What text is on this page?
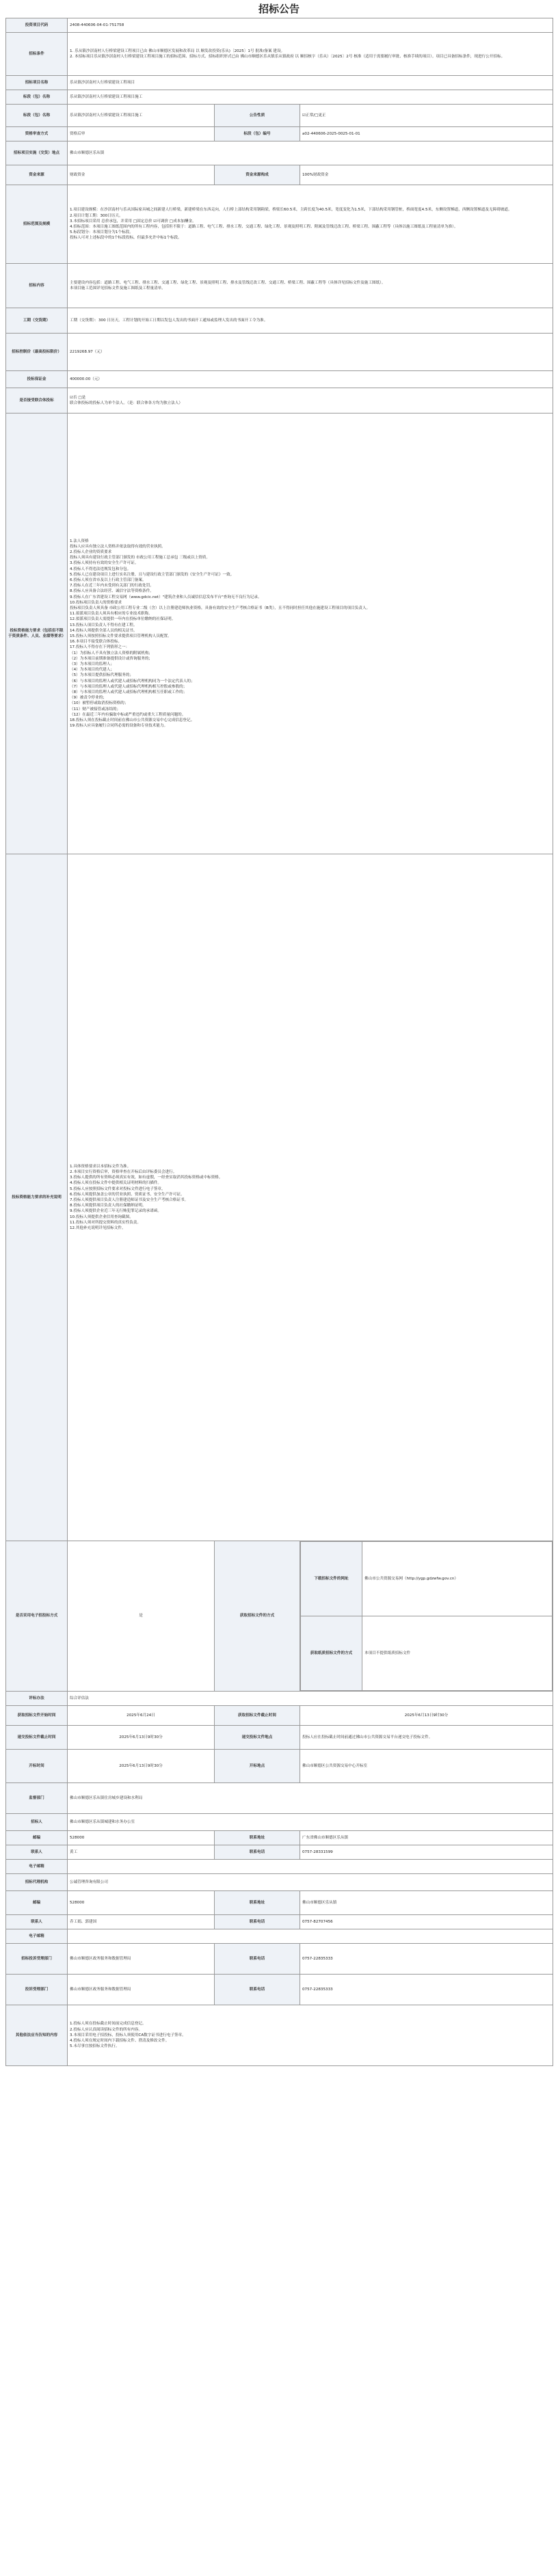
招标公告
投资项目代码	2408-440606-04-01-751758
招标条件	
1. 乐从镇沙滘南村人行桥梁建设工程项目已由 佛山市顺德区发展和改革局 以 顺发改投资(乐从)〔2025〕1号 批准/备案 建设。
2. 本招标项目乐从镇沙滘南村人行桥梁建设工程项目施工的招标范围、招标方式、招标组织形式已由 佛山市顺德区乐从镇乐从镇政府 以 顺招核字（乐从）〔2025〕2号 核准（适用于需要履行审批、核准手续的项目）。项目已具备招标条件，现进行公开招标。

招标项目名称	乐从镇沙滘南村人行桥梁建设工程项目
标段（包）名称	乐从镇沙滘南村人行桥梁建设工程项目施工
标段（包）名称	乐从镇沙滘南村人行桥梁建设工程项目施工	公告性质	☑正常/□更正
资格审查方式	资格后审	标段（包）编号	a02-440606-2025-0025-01-01
招标项目实施（交货）地点	佛山市顺德区乐从镇
资金来源	财政资金	资金来源构成	100%财政资金
招标范围及规模	
1.项目建设规模：在沙滘南村与乐从国际家具城之间新建人行桥梁，新建桥梁在东西走向，人行桥上部结构采用钢箱梁，桥梁长60.5米，主跨长度为40.5米，宽度变化为1.5米，下部结构采用钢管桩，桥面宽度4.5米，东侧设置梯道，西侧设置梯道及无障碍坡道。
2.项目计划工期：300日历天。
3.本招标项目采用 总价承包，并采用 □固定总价 ☑可调价 □成本加酬金。
4.招标范围：本项目施工图纸范围内的所有工程内容，包括但不限于：道路工程、电气工程、排水工程、交通工程、绿化工程、景观及照明工程、附属及管线迁改工程、桥梁工程、围蔽工程等（具体以施工图纸及工程量清单为准）。
5.标段划分：本项目划分为1个标段。
投标人可对上述标段中的1个标段投标，但最多允许中标1个标段。

招标内容	
主要建设内容包括：道路工程、电气工程、排水工程、交通工程、绿化工程、景观及照明工程、排水及管线迁改工程、交通工程、桥梁工程、围蔽工程等（具体详见招标文件及施工图纸）。
本项目施工范围详见招标文件及施工图纸及工程量清单。

工期（交货期）	工期（交货期）：300 日历天。工程计划的开始工日期以发包人发出的书面开工通知或监理人发出的书面开工令为准。
招标控制价（最高投标限价）	2219268.97（元）
投标保证金	400000.00（元）
是否接受联合体投标	
☑否 □是
联合体投标的投标人为单个法人。（是：联合体各方均为独立法人）

投标资格能力要求（包括但不限于资质条件、人员、业绩等要求）	
1.法人资格
投标人应具有独立法人资格并依法取得有效的营业执照。
2.投标人企业的资质要求
投标人须具有建设行政主管部门颁发的 市政公用工程施工总承包 三级或以上资质。
3.投标人须持有有效的安全生产许可证。
4.投标人不得违法违规发包和分包。
5.投标人已在建设项目上进行实名注册，且与建设行政主管部门颁发的《安全生产许可证》一致。
6.投标人须在省市及以上行政主管部门备案。
7.投标人在近三年内未受到有关部门的行政处罚。
8.投标人应具备合法经营、诚信守法等资格条件。
9.投标人在广东省建设工程交易网（www.gdcic.net）"建筑企业和人员诚信信息发布平台"查询无不良行为记录。
10.投标项目负责人的资格要求
投标项目负责人须具备 市政公用工程专业二级（含）以上注册建造师执业资格，具备有效的安全生产考核合格证书（B类），且不得同时担任其他在施建设工程项目的项目负责人。
11.拟派项目负责人须具有相应的专业技术职称。
12.拟派项目负责人需提供一年内在投标单位缴纳的社保证明。
13.投标人项目负责人不得有在建工程。
14.投标人须提供全部人员的相关证书。
15.投标人须按照招标文件要求提供项目管理机构人员配置。
16.本项目不接受联合体投标。
17.投标人不得存在下列情形之一：
（1）为招标人不具有独立法人资格的附属机构；
（2）为本项目前期准备提供设计或咨询服务的；
（3）为本项目的监理人；
（4）为本项目的代建人；
（5）为本项目提供招标代理服务的；
（6）与本项目的监理人或代建人或招标代理机构同为一个法定代表人的；
（7）与本项目的监理人或代建人或招标代理机构相互控股或参股的；
（8）与本项目的监理人或代建人或招标代理机构相互任职或工作的；
（9）被责令停业的；
（10）被暂停或取消投标资格的；
（11）财产被接管或冻结的；
（12）在最近三年内有骗取中标或严重违约或重大工程质量问题的。
18.投标人须在投标截止时间前在佛山市公共资源交易中心完成信息登记。
19.投标人应具备履行合同所必需的设备和专业技术能力。

投标资格能力要求的补充说明	
1.具体资格要求以本招标文件为准。
2.本项目实行资格后审，资格审查在开标后由评标委员会进行。
3.投标人提供的所有资料必须真实有效，如有虚假，一经查实取消其投标资格或中标资格。
4.投标人须在投标文件中提供相关证明材料的扫描件。
5.投标人应按照招标文件要求对投标文件进行电子签章。
6.投标人须提供加盖公章的营业执照、资质证书、安全生产许可证。
7.投标人须提供项目负责人注册建造师证书及安全生产考核合格证书。
8.投标人须提供项目负责人的社保缴纳证明。
9.投标人须提供企业近三年无行贿犯罪记录的承诺函。
10.投标人须提供企业信用查询截图。
11.投标人须对所提交资料的真实性负责。
12.其他补充说明详见招标文件。

是否采用电子招投标方式	是	获取招标文件的方式	
下载招标文件的网址	佛山市公共资源交易网（http://ygp.gdzwfw.gov.cn）
获取纸质招标文件的方式	本项目不提供纸质招标文件

评标办法	综合评估法
获取招标文件开始时间	2025年6月24日	获取招标文件截止时间	2025年6月13日9时30分
递交投标文件截止时间	2025年6月13日9时30分	递交投标文件地点	投标人应在投标截止时间前通过佛山市公共资源交易平台递交电子投标文件。
开标时间	2025年6月13日9时30分	开标地点	佛山市顺德区公共资源交易中心开标室
监督部门	佛山市顺德区乐从镇住房城乡建设和水利局
招标人	佛山市顺德区乐从镇城建和水务办公室
邮编	528000	联系地址	广东省佛山市顺德区乐从镇
联系人	黄工	联系电话	0757-28331599
电子邮箱	
招标代理机构	公诚管理咨询有限公司
邮编	528000	联系地址	佛山市顺德区乐从镇
联系人	乔工娟、郭建国	联系电话	0757-82707456
电子邮箱	
招标投诉受理部门	佛山市顺德区政务服务和数据管理局	联系电话	0757-22835333
投诉受理部门	佛山市顺德区政务服务和数据管理局	联系电话	0757-22835333
其他依法应当告知的内容	
1.投标人须在投标截止时间前完成信息登记。
2.投标人应认真阅读招标文件的所有内容。
3.本项目采用电子招投标，投标人须使用CA数字证书进行电子签章。
4.投标人须在规定时间内下载招标文件、澄清及修改文件。
5.未尽事宜按招标文件执行。
